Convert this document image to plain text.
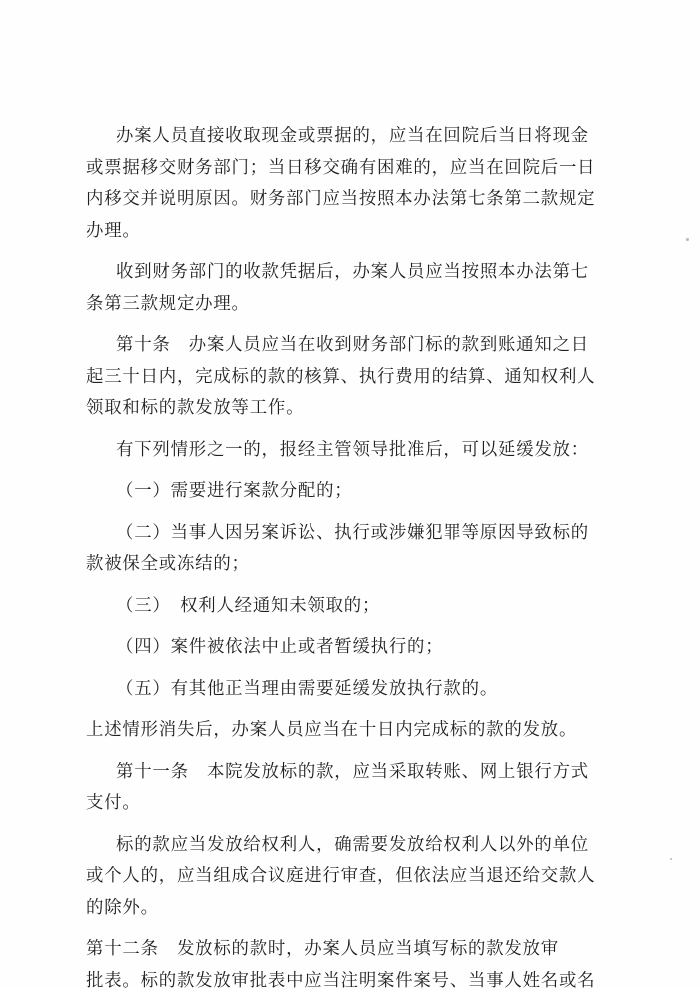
办案人员直接收取现金或票据的，应当在回院后当日将现金
或票据移交财务部门；当日移交确有困难的，应当在回院后一日
内移交并说明原因。财务部门应当按照本办法第七条第二款规定
办理。
收到财务部门的收款凭据后，办案人员应当按照本办法第七
条第三款规定办理。
第十条　办案人员应当在收到财务部门标的款到账通知之日
起三十日内，完成标的款的核算、执行费用的结算、通知权利人
领取和标的款发放等工作。
有下列情形之一的，报经主管领导批准后，可以延缓发放：
（一）需要进行案款分配的；
（二）当事人因另案诉讼、执行或涉嫌犯罪等原因导致标的
款被保全或冻结的；
（三）　权利人经通知未领取的；
（四）案件被依法中止或者暂缓执行的；
（五）有其他正当理由需要延缓发放执行款的。
上述情形消失后，办案人员应当在十日内完成标的款的发放。
第十一条　本院发放标的款，应当采取转账、网上银行方式
支付。
标的款应当发放给权利人，确需要发放给权利人以外的单位
或个人的，应当组成合议庭进行审查，但依法应当退还给交款人
的除外。
第十二条　发放标的款时，办案人员应当填写标的款发放审
批表。标的款发放审批表中应当注明案件案号、当事人姓名或名
